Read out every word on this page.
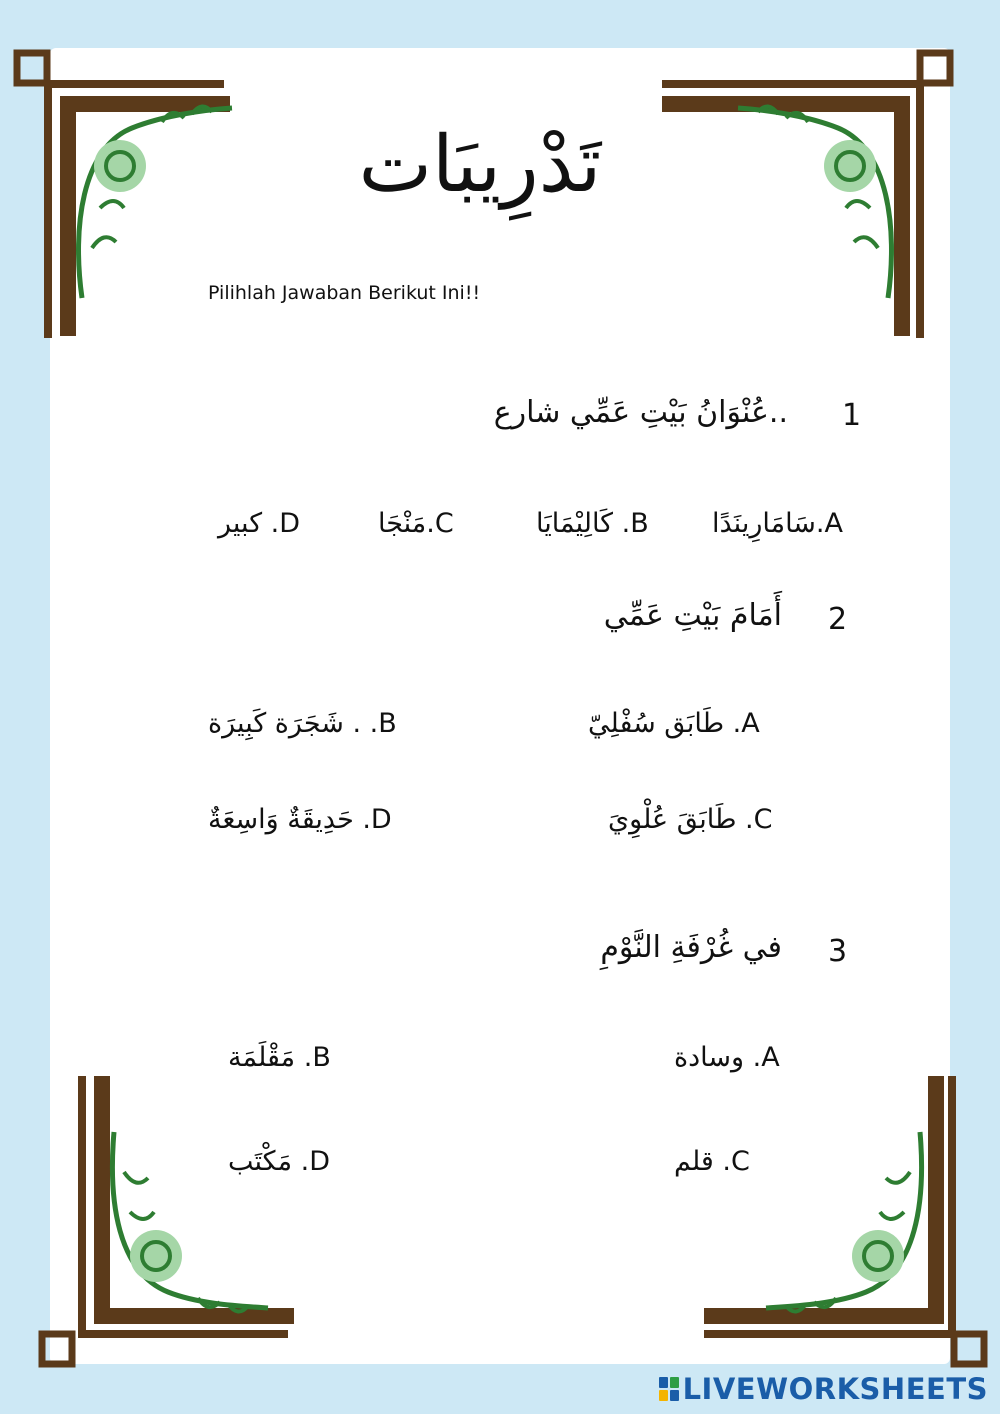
تَدْرِيبَات
Pilihlah Jawaban Berikut Ini!!
1
..عُنْوَانُ بَيْتِ عَمِّي شارع
سَامَارِينَدًا.A
كَالِيْمَايَا .B
مَنْجَا.C
كبير .D
2
أَمَامَ بَيْتِ عَمِّي
طَابَق سُفْلِيّ .A
شَجَرَة كَبِيرَة . .B
طَابَقَ عُلْوِيَ .C
حَدِيقَةٌ وَاسِعَةٌ .D
3
في غُرْفَةِ النَّوْمِ
وسادة .A
مَقْلَمَة .B
قلم .C
مَكْتَب .D
LIVEWORKSHEETS
